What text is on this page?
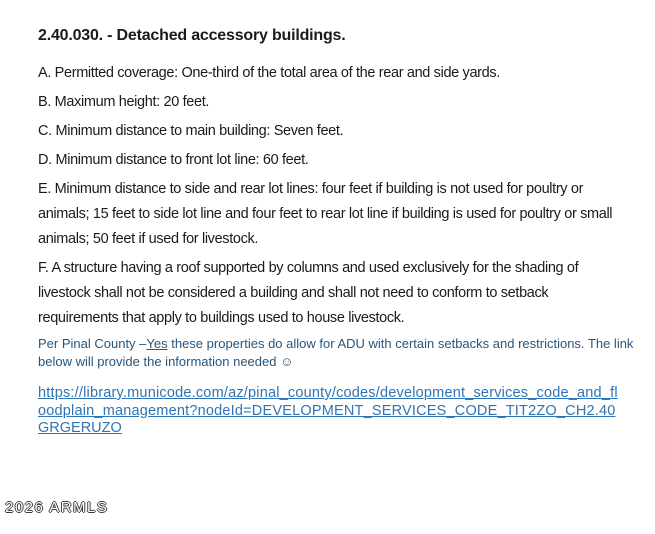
2.40.030. - Detached accessory buildings.

A. Permitted coverage: One-third of the total area of the rear and side yards.

B. Maximum height: 20 feet.

C. Minimum distance to main building: Seven feet.

D. Minimum distance to front lot line: 60 feet.

E. Minimum distance to side and rear lot lines: four feet if building is not used for poultry or animals; 15 feet to side lot line and four feet to rear lot line if building is used for poultry or small animals; 50 feet if used for livestock.

F. A structure having a roof supported by columns and used exclusively for the shading of livestock shall not be considered a building and shall not need to conform to setback requirements that apply to buildings used to house livestock.

Per Pinal County –Yes these properties do allow for ADU with certain setbacks and restrictions. The link below will provide the information needed ☺

https://library.municode.com/az/pinal_county/codes/development_services_code_and_fl
oodplain_management?nodeId=DEVELOPMENT_SERVICES_CODE_TIT2ZO_CH2.40
GRGERUZO
2026 ARMLS
